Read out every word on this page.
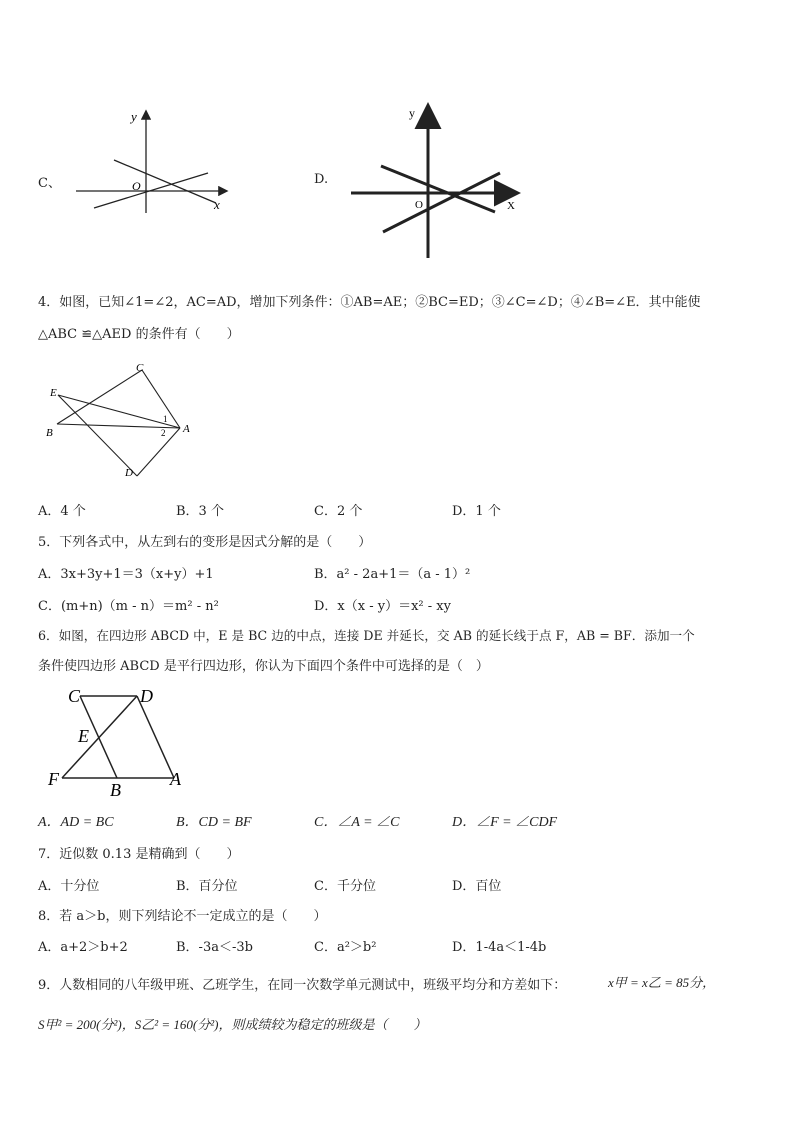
C、
y
x
O	D.
y
X
O
4．如图，已知∠1=∠2，AC=AD，增加下列条件：①AB=AE；②BC=ED；③∠C=∠D；④∠B=∠E．其中能使
△ABC ≌△AED 的条件有（　　）
C
E
B
D
A
1
2
A．4 个	B．3 个	C．2 个	D．1 个
5．下列各式中，从左到右的变形是因式分解的是（　　）
A．3x+3y+1＝3（x+y）+1	B．a² - 2a+1＝（a - 1）²
C．(m+n)（m - n）＝m² - n²	D．x（x - y）＝x² - xy
6．如图，在四边形 ABCD 中，E 是 BC 边的中点，连接 DE 并延长，交 AB 的延长线于点 F，AB = BF．添加一个
条件使四边形 ABCD 是平行四边形，你认为下面四个条件中可选择的是（　）
C	D
E
F
B
A
A．AD = BC	B．CD = BF	C．∠A = ∠C	D．∠F = ∠CDF
7．近似数 0.13 是精确到（　　）
A．十分位	B．百分位	C．千分位	D．百位
8．若 a＞b，则下列结论不一定成立的是（　　）
A．a+2＞b+2	B．-3a＜-3b	C．a²＞b²	D．1-4a＜1-4b
9．人数相同的八年级甲班、乙班学生，在同一次数学单元测试中，班级平均分和方差如下：	x甲 = x乙 = 85分，
S甲² = 200(分²)，S乙² = 160(分²)，则成绩较为稳定的班级是（　　）
